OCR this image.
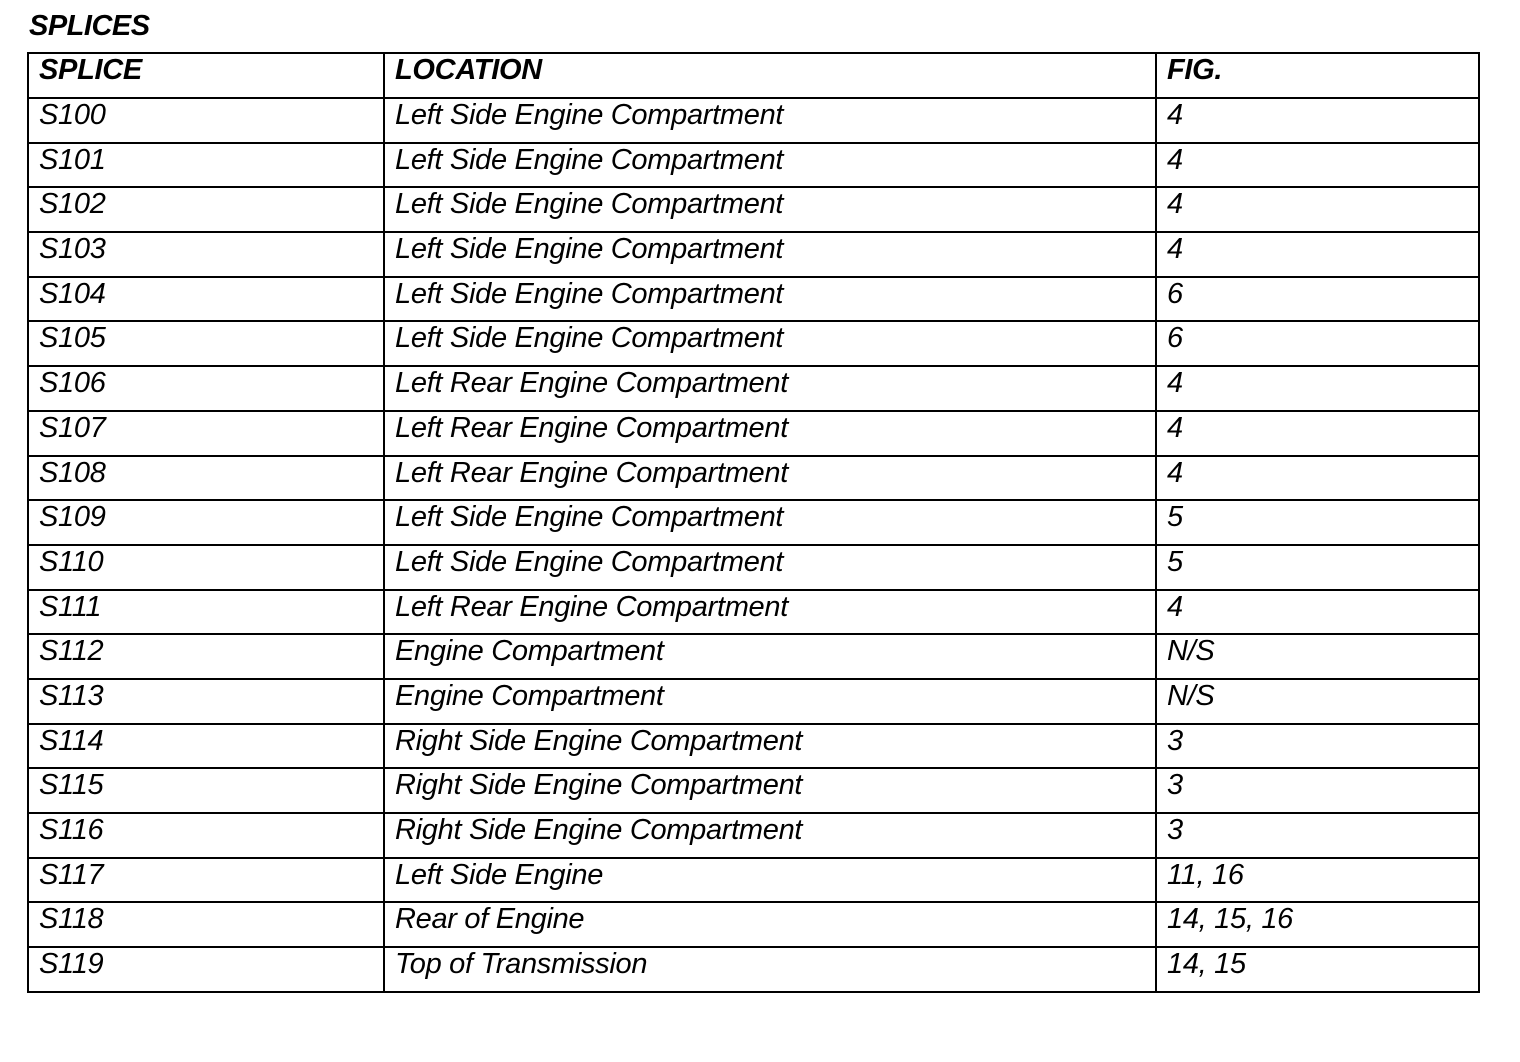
SPLICES
SPLICE	LOCATION	FIG.
S100	Left Side Engine Compartment	4
S101	Left Side Engine Compartment	4
S102	Left Side Engine Compartment	4
S103	Left Side Engine Compartment	4
S104	Left Side Engine Compartment	6
S105	Left Side Engine Compartment	6
S106	Left Rear Engine Compartment	4
S107	Left Rear Engine Compartment	4
S108	Left Rear Engine Compartment	4
S109	Left Side Engine Compartment	5
S110	Left Side Engine Compartment	5
S111	Left Rear Engine Compartment	4
S112	Engine Compartment	N/S
S113	Engine Compartment	N/S
S114	Right Side Engine Compartment	3
S115	Right Side Engine Compartment	3
S116	Right Side Engine Compartment	3
S117	Left Side Engine	11, 16
S118	Rear of Engine	14, 15, 16
S119	Top of Transmission	14, 15
